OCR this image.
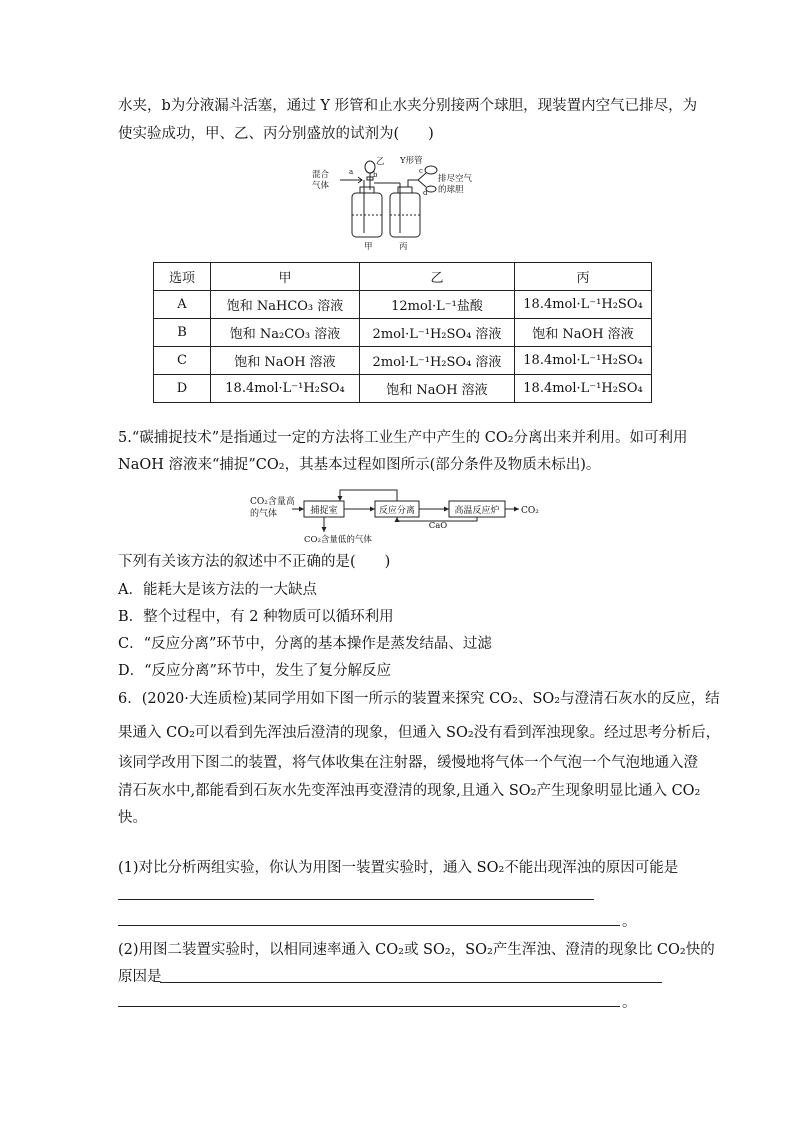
水夹，b为分液漏斗活塞，通过 Y 形管和止水夹分别接两个球胆，现装置内空气已排尽，为
使实验成功，甲、乙、丙分别盛放的试剂为(　　)
混合
气体
a	b
乙 Y形管
c
d
排尽空气
的球胆
甲	丙
选项	甲	乙	丙
A	饱和 NaHCO₃ 溶液	12mol·L⁻¹盐酸	18.4mol·L⁻¹H₂SO₄
B	饱和 Na₂CO₃ 溶液	2mol·L⁻¹H₂SO₄ 溶液	饱和 NaOH 溶液
C	饱和 NaOH 溶液	2mol·L⁻¹H₂SO₄ 溶液	18.4mol·L⁻¹H₂SO₄
D	18.4mol·L⁻¹H₂SO₄	饱和 NaOH 溶液	18.4mol·L⁻¹H₂SO₄
5.“碳捕捉技术”是指通过一定的方法将工业生产中产生的 CO₂分离出来并利用。如可利用
NaOH 溶液来“捕捉”CO₂，其基本过程如图所示(部分条件及物质未标出)。
CO₂含量高
的气体	捕捉室	反应分离	高温反应炉 CO₂
CaO
CO₂含量低的气体
下列有关该方法的叙述中不正确的是(　　)
A．能耗大是该方法的一大缺点
B．整个过程中，有 2 种物质可以循环利用
C．“反应分离”环节中，分离的基本操作是蒸发结晶、过滤
D．“反应分离”环节中，发生了复分解反应
6．(2020·大连质检)某同学用如下图一所示的装置来探究 CO₂、SO₂与澄清石灰水的反应，结
果通入 CO₂可以看到先浑浊后澄清的现象，但通入 SO₂没有看到浑浊现象。经过思考分析后，
该同学改用下图二的装置，将气体收集在注射器，缓慢地将气体一个气泡一个气泡地通入澄
清石灰水中,都能看到石灰水先变浑浊再变澄清的现象,且通入 SO₂产生现象明显比通入 CO₂
快。
(1)对比分析两组实验，你认为用图一装置实验时，通入 SO₂不能出现浑浊的原因可能是
。
(2)用图二装置实验时，以相同速率通入 CO₂或 SO₂，SO₂产生浑浊、澄清的现象比 CO₂快的
原因是
。
